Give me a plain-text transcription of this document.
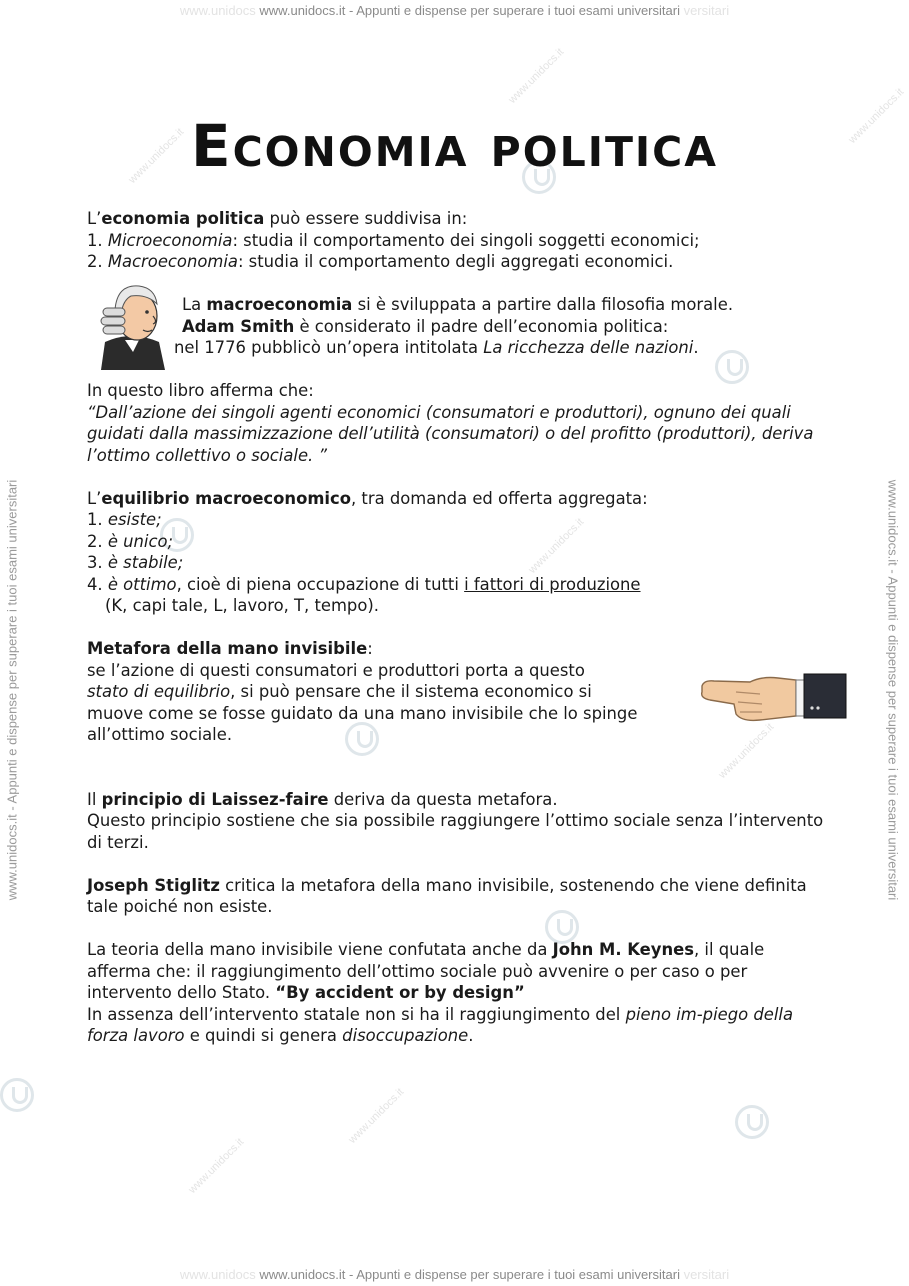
www.unidocs www.unidocs.it - Appunti e dispense per superare i tuoi esami universitari versitari
www.unidocs www.unidocs.it - Appunti e dispense per superare i tuoi esami universitari versitari
www.unidocs.it - Appunti e dispense per superare i tuoi esami universitari	www.unidocs.it - Appunti e dispense per superare i tuoi esami universitari
www.unidocs.it
www.unidocs.it
www.unidocs.it
www.unidocs.it
www.unidocs.it
www.unidocs.it
www.unidocs.it
Economia politica

L’economia politica può essere suddivisa in:

1. Microeconomia: studia il comportamento dei singoli soggetti economici;

2. Macroeconomia: studia il comportamento degli aggregati economici.

La macroeconomia si è sviluppata a partire dalla filosofia morale.

Adam Smith è considerato il padre dell’economia politica:

nel 1776 pubblicò un’opera intitolata La ricchezza delle nazioni.

In questo libro afferma che:

“Dall’azione dei singoli agenti economici (consumatori e produttori), ognuno dei quali guidati dalla massimizzazione dell’utilità (consumatori) o del profitto (produttori), deriva l’ottimo collettivo o sociale. ”

L’equilibrio macroeconomico, tra domanda ed offerta aggregata:

1. esiste;

2. è unico;

3. è stabile;

4. è ottimo, cioè di piena occupazione di tutti i fattori di produzione

(K, capi tale, L, lavoro, T, tempo).

Metafora della mano invisibile:

se l’azione di questi consumatori e produttori porta a questo

stato di equilibrio, si può pensare che il sistema economico si

muove come se fosse guidato da una mano invisibile che lo spinge

all’ottimo sociale.

Il principio di Laissez-faire deriva da questa metafora.

Questo principio sostiene che sia possibile raggiungere l’ottimo sociale senza l’intervento di terzi.

Joseph Stiglitz critica la metafora della mano invisibile, sostenendo che viene definita tale poiché non esiste.

La teoria della mano invisibile viene confutata anche da John M. Keynes, il quale afferma che: il raggiungimento dell’ottimo sociale può avvenire o per caso o per intervento dello Stato. “By accident or by design”

In assenza dell’intervento statale non si ha il raggiungimento del pieno im-piego della forza lavoro e quindi si genera disoccupazione.
